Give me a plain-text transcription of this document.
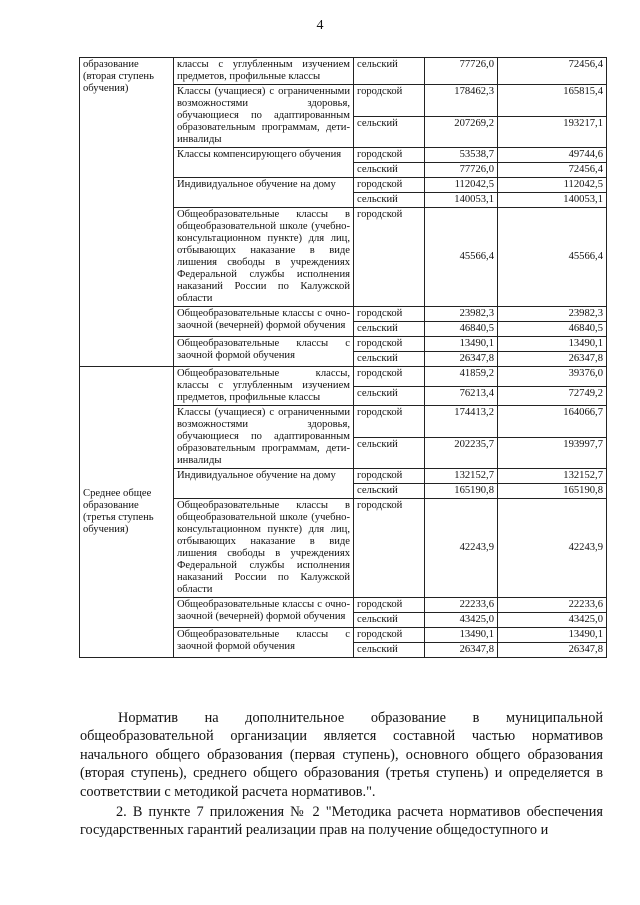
4
образование (вторая ступень обучения)	классы с углубленным изучением предметов, профильные классы	сельский	77726,0	72456,4
	Классы (учащиеся) с ограниченными возможностями здоровья, обучающиеся по адаптированным образовательным программам, дети-инвалиды	городской	178462,3	165815,4
		сельский	207269,2	193217,1
	Классы компенсирующего обучения	городской	53538,7	49744,6
		сельский	77726,0	72456,4
	Индивидуальное обучение на дому	городской	112042,5	112042,5
		сельский	140053,1	140053,1
	Общеобразовательные классы в общеобразовательной школе (учебно-консультационном пункте) для лиц, отбывающих наказание в виде лишения свободы в учреждениях Федеральной службы исполнения наказаний России по Калужской области	городской	45566,4	45566,4
	Общеобразовательные классы с очно-заочной (вечерней) формой обучения	городской	23982,3	23982,3
		сельский	46840,5	46840,5
	Общеобразовательные классы с заочной формой обучения	городской	13490,1	13490,1
		сельский	26347,8	26347,8
Среднее общее образование (третья ступень обучения)	Общеобразовательные классы, классы с углубленным изучением предметов, профильные классы	городской	41859,2	39376,0
		сельский	76213,4	72749,2
	Классы (учащиеся) с ограниченными возможностями здоровья, обучающиеся по адаптированным образовательным программам, дети-инвалиды	городской	174413,2	164066,7
		сельский	202235,7	193997,7
	Индивидуальное обучение на дому	городской	132152,7	132152,7
		сельский	165190,8	165190,8
	Общеобразовательные классы в общеобразовательной школе (учебно-консультационном пункте) для лиц, отбывающих наказание в виде лишения свободы в учреждениях Федеральной службы исполнения наказаний России по Калужской области	городской	42243,9	42243,9
	Общеобразовательные классы с очно-заочной (вечерней) формой обучения	городской	22233,6	22233,6
		сельский	43425,0	43425,0
	Общеобразовательные классы с заочной формой обучения	городской	13490,1	13490,1
		сельский	26347,8	26347,8
Норматив на дополнительное образование в муниципальной общеобразовательной организации является составной частью нормативов начального общего образования (первая ступень), основного общего образования (вторая ступень), среднего общего образования (третья ступень) и определяется в соответствии с методикой расчета нормативов.".
2. В пункте 7 приложения № 2 "Методика расчета нормативов обеспечения государственных гарантий реализации прав на получение общедоступного и
